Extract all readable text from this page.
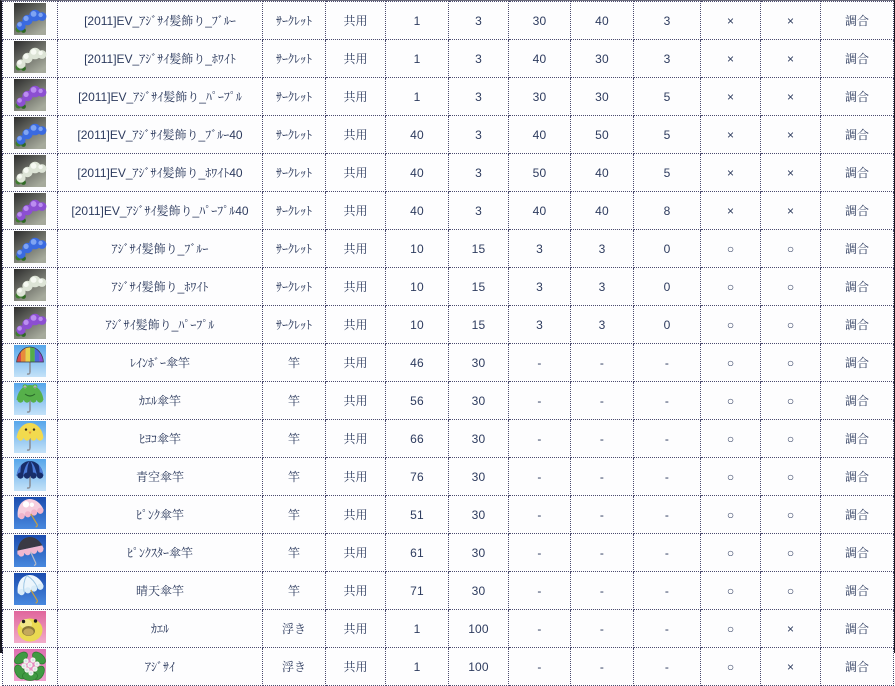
	[2011]EV_ｱｼﾞｻｲ髪飾り_ﾌﾞﾙｰ	ｻｰｸﾚｯﾄ	共用	1	3	30	40	3	×	×	調合
	[2011]EV_ｱｼﾞｻｲ髪飾り_ﾎﾜｲﾄ	ｻｰｸﾚｯﾄ	共用	1	3	40	30	3	×	×	調合
	[2011]EV_ｱｼﾞｻｲ髪飾り_ﾊﾟｰﾌﾟﾙ	ｻｰｸﾚｯﾄ	共用	1	3	30	30	5	×	×	調合
	[2011]EV_ｱｼﾞｻｲ髪飾り_ﾌﾞﾙｰ40	ｻｰｸﾚｯﾄ	共用	40	3	40	50	5	×	×	調合
	[2011]EV_ｱｼﾞｻｲ髪飾り_ﾎﾜｲﾄ40	ｻｰｸﾚｯﾄ	共用	40	3	50	40	5	×	×	調合
	[2011]EV_ｱｼﾞｻｲ髪飾り_ﾊﾟｰﾌﾟﾙ40	ｻｰｸﾚｯﾄ	共用	40	3	40	40	8	×	×	調合
	ｱｼﾞｻｲ髪飾り_ﾌﾞﾙｰ	ｻｰｸﾚｯﾄ	共用	10	15	3	3	0	○	○	調合
	ｱｼﾞｻｲ髪飾り_ﾎﾜｲﾄ	ｻｰｸﾚｯﾄ	共用	10	15	3	3	0	○	○	調合
	ｱｼﾞｻｲ髪飾り_ﾊﾟｰﾌﾟﾙ	ｻｰｸﾚｯﾄ	共用	10	15	3	3	0	○	○	調合
	ﾚｲﾝﾎﾞｰ傘竿	竿	共用	46	30	-	-	-	○	○	調合
	ｶｴﾙ傘竿	竿	共用	56	30	-	-	-	○	○	調合
	ﾋﾖｺ傘竿	竿	共用	66	30	-	-	-	○	○	調合
	青空傘竿	竿	共用	76	30	-	-	-	○	○	調合
	ﾋﾟﾝｸ傘竿	竿	共用	51	30	-	-	-	○	○	調合
	ﾋﾟﾝｸｽﾀｰ傘竿	竿	共用	61	30	-	-	-	○	○	調合
	晴天傘竿	竿	共用	71	30	-	-	-	○	○	調合
	ｶｴﾙ	浮き	共用	1	100	-	-	-	○	×	調合
	ｱｼﾞｻｲ	浮き	共用	1	100	-	-	-	○	×	調合
